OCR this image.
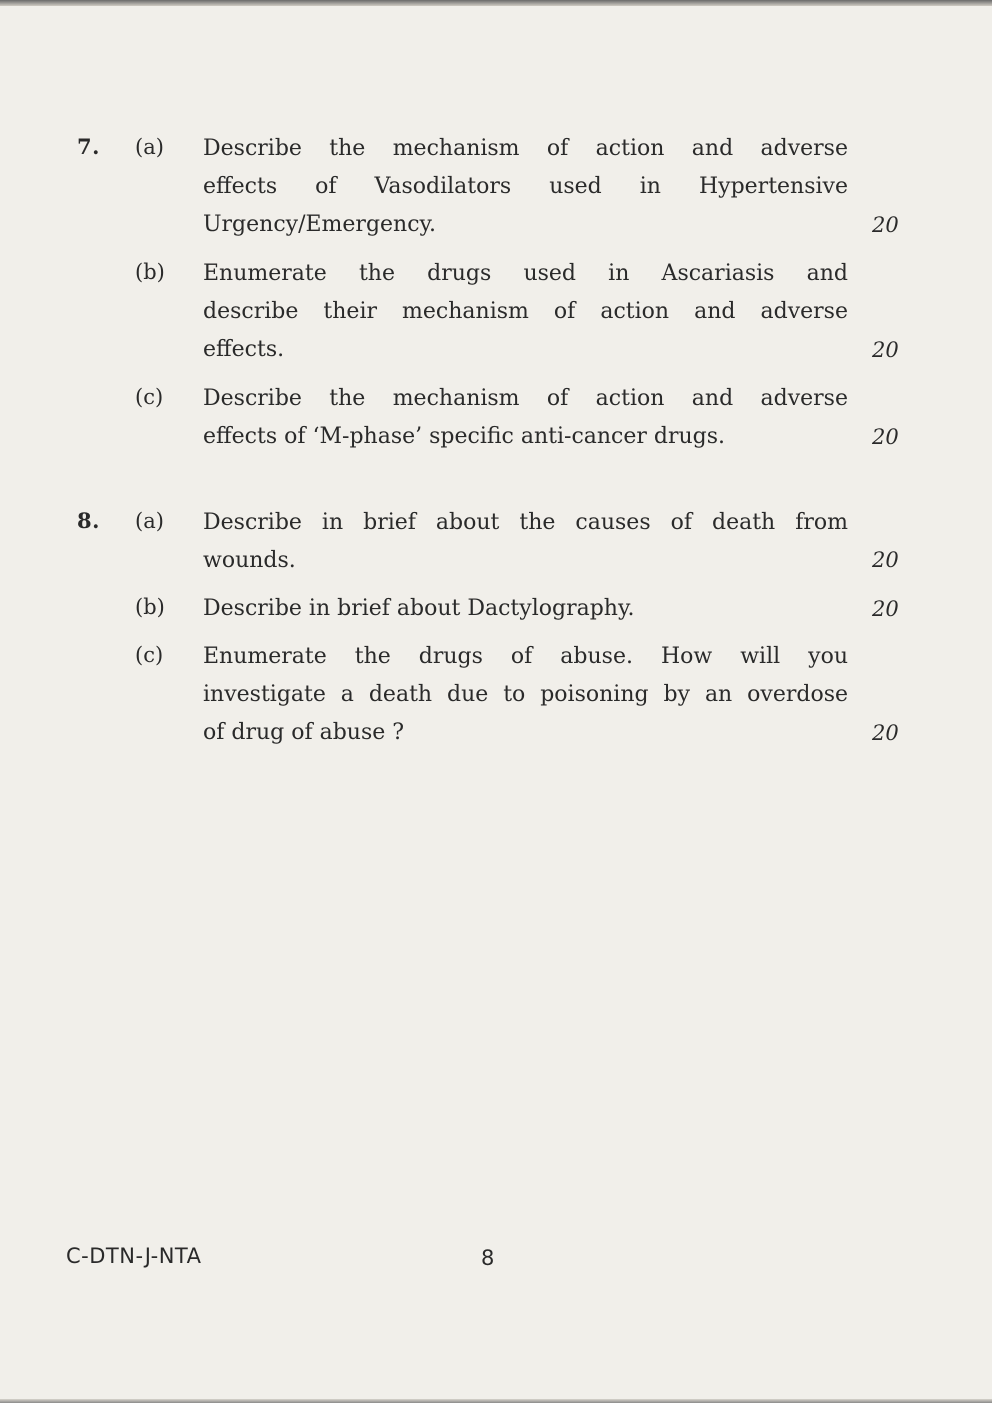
7. (a) Describe the mechanism of action and adverse
effects of Vasodilators used in Hypertensive
Urgency/Emergency.	20
(b) Enumerate the drugs used in Ascariasis and
describe their mechanism of action and adverse
effects.	20
(c) Describe the mechanism of action and adverse
effects of ‘M-phase’ specific anti-cancer drugs.	20
8. (a) Describe in brief about the causes of death from
wounds.	20
(b) Describe in brief about Dactylography.	20
(c) Enumerate the drugs of abuse. How will you
investigate a death due to poisoning by an overdose
of drug of abuse ?	20
C-DTN-J-NTA	8
